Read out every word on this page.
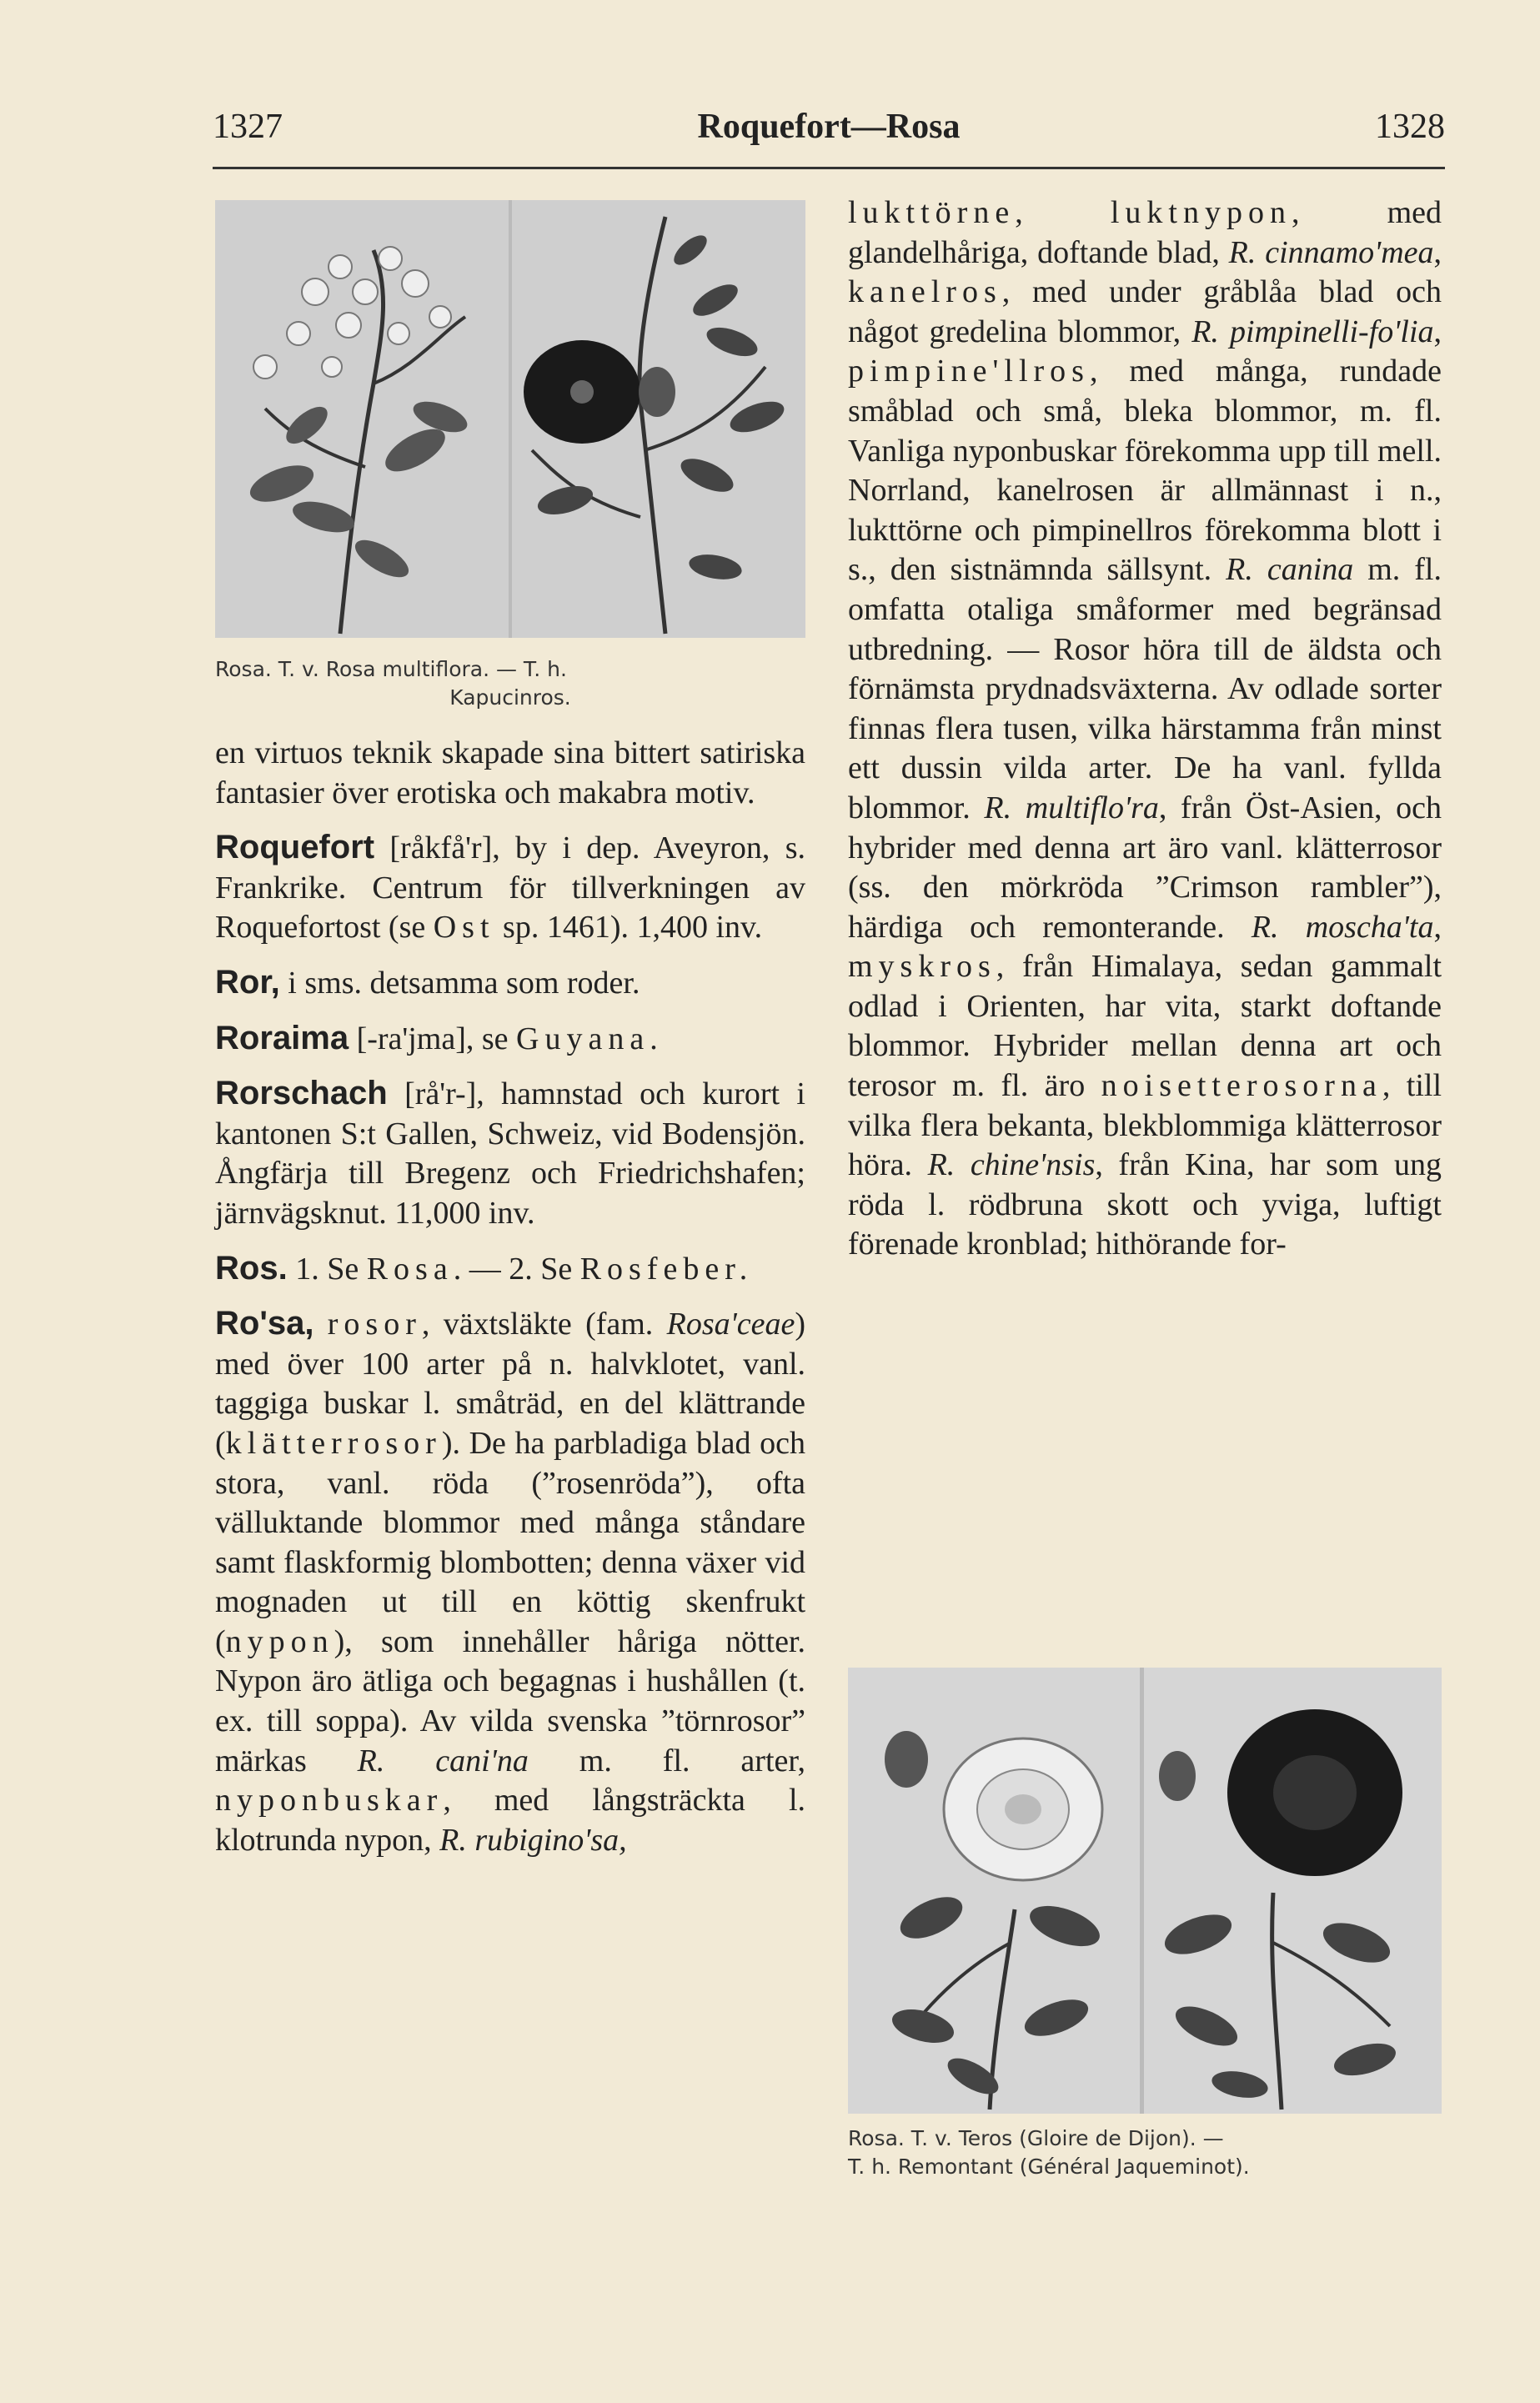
1327	Roquefort—Rosa	1328
Rosa. T. v. Rosa multiflora. — T. h.
Kapucinros.

en virtuos teknik skapade sina bittert satiriska fantasier över erotiska och makabra motiv.

Roquefort [råkfå'r], by i dep. Aveyron, s. Frankrike. Centrum för tillverkningen av Roquefortost (se Ost sp. 1461). 1,400 inv.

Ror, i sms. detsamma som roder.

Roraima [-ra'jma], se Guyana.

Rorschach [rå'r-], hamnstad och kurort i kantonen S:t Gallen, Schweiz, vid Bodensjön. Ångfärja till Bregenz och Friedrichshafen; järnvägsknut. 11,000 inv.

Ros. 1. Se Rosa. — 2. Se Rosfeber.

Ro'sa, rosor, växtsläkte (fam. Rosa'ceae) med över 100 arter på n. halvklotet, vanl. taggiga buskar l. småträd, en del klättrande (klätterrosor). De ha parbladiga blad och stora, vanl. röda (”rosenröda”), ofta välluktande blommor med många ståndare samt flaskformig blombotten; denna växer vid mognaden ut till en köttig skenfrukt (nypon), som innehåller håriga nötter. Nypon äro ätliga och begagnas i hushållen (t. ex. till soppa). Av vilda svenska ”törnrosor” märkas R. cani'na m. fl. arter, nyponbuskar, med långsträckta l. klotrunda nypon, R. rubigino'sa,

lukttörne, luktnypon, med glandelhåriga, doftande blad, R. cinnamo'mea, kanelros, med under gråblåa blad och något gredelina blommor, R. pimpinelli-fo'lia, pimpine'llros, med många, rundade småblad och små, bleka blommor, m. fl. Vanliga nyponbuskar förekomma upp till mell. Norrland, kanelrosen är allmännast i n., lukttörne och pimpinellros förekomma blott i s., den sistnämnda sällsynt. R. canina m. fl. omfatta otaliga småformer med begränsad utbredning. — Rosor höra till de äldsta och förnämsta prydnadsväxterna. Av odlade sorter finnas flera tusen, vilka härstamma från minst ett dussin vilda arter. De ha vanl. fyllda blommor. R. multiflo'ra, från Öst-Asien, och hybrider med denna art äro vanl. klätterrosor (ss. den mörkröda ”Crimson rambler”), härdiga och remonterande. R. moscha'ta, myskros, från Himalaya, sedan gammalt odlad i Orienten, har vita, starkt doftande blommor. Hybrider mellan denna art och terosor m. fl. äro noisetterosorna, till vilka flera bekanta, blekblommiga klätterrosor höra. R. chine'nsis, från Kina, har som ung röda l. rödbruna skott och yviga, luftigt förenade kronblad; hithörande for-

Rosa. T. v. Teros (Gloire de Dijon). —
T. h. Remontant (Général Jaqueminot).
